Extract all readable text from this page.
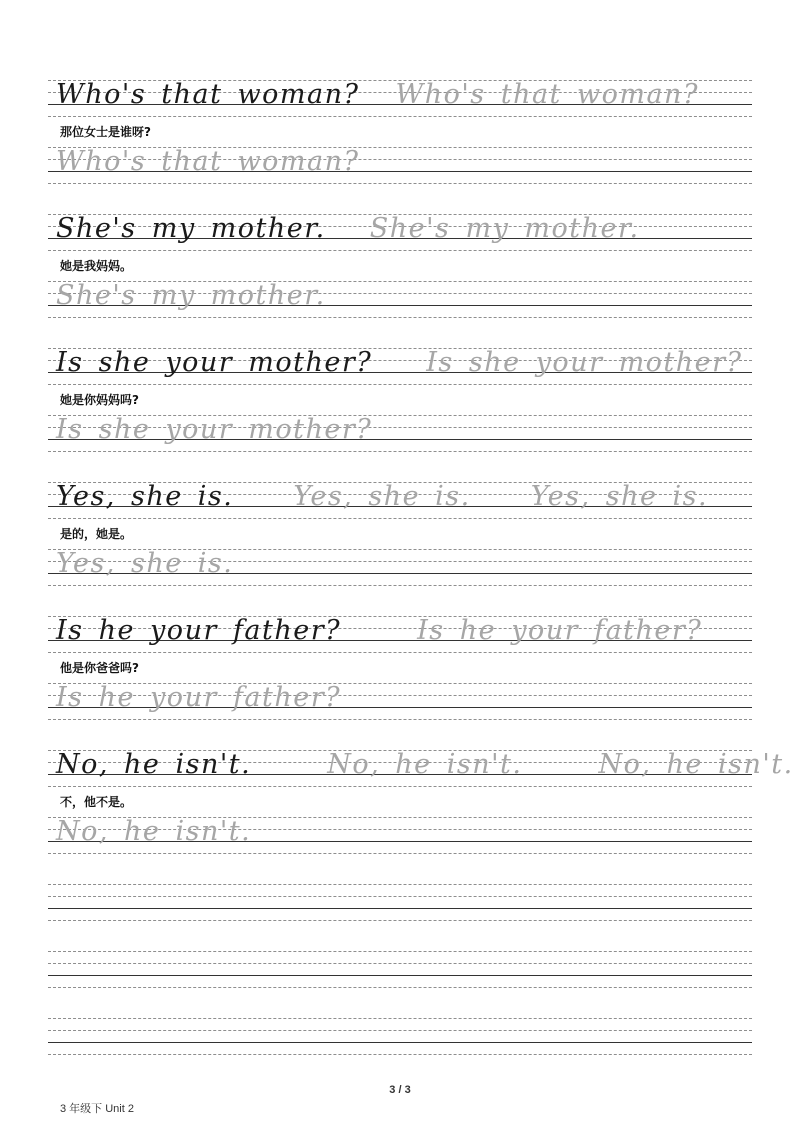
Who's that woman? Who's that woman?
那位女士是谁呀?
Who's that woman?
She's my mother. She's my mother.
她是我妈妈。
She's my mother.
Is she your mother? Is she your mother?
她是你妈妈吗?
Is she your mother?
Yes, she is. Yes, she is. Yes, she is.
是的，她是。
Yes, she is.
Is he your father?	Is he your father?
他是你爸爸吗?
Is he your father?
No, he isn't.	No, he isn't.	No, he isn't.
不，他不是。
No, he isn't.
3 / 3
3 年级下 Unit 2
